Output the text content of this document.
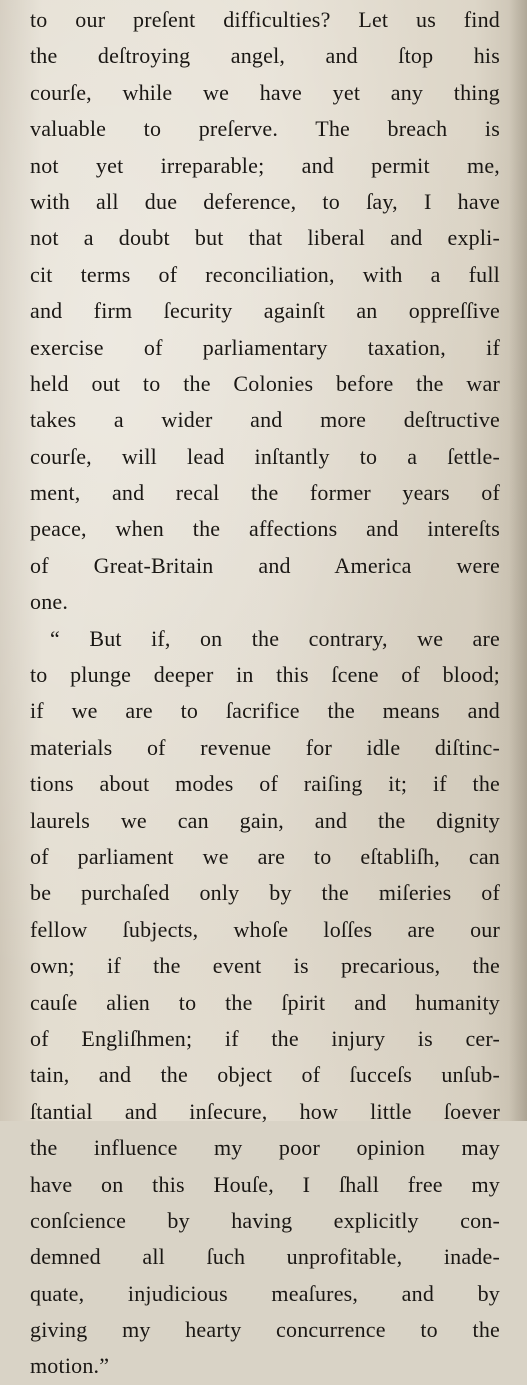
to our preſent difficulties? Let us find
the deſtroying angel, and ſtop his
courſe, while we have yet any thing
valuable to preſerve. The breach is
not yet irreparable; and permit me,
with all due deference, to ſay, I have
not a doubt but that liberal and expli-
cit terms of reconciliation, with a full
and firm ſecurity againſt an oppreſſive
exercise of parliamentary taxation, if
held out to the Colonies before the war
takes a wider and more deſtructive
courſe, will lead inſtantly to a ſettle-
ment, and recal the former years of
peace, when the affections and intereſts
of Great-Britain and America were
one.
“ But if, on the contrary, we are
to plunge deeper in this ſcene of blood;
if we are to ſacrifice the means and
materials of revenue for idle diſtinc-
tions about modes of raiſing it; if the
laurels we can gain, and the dignity
of parliament we are to eſtabliſh, can
be purchaſed only by the miſeries of
fellow ſubjects, whoſe loſſes are our
own; if the event is precarious, the
cauſe alien to the ſpirit and humanity
of Engliſhmen; if the injury is cer-
tain, and the object of ſucceſs unſub-
ſtantial and inſecure, how little ſoever
the influence my poor opinion may
have on this Houſe, I ſhall free my
conſcience by having explicitly con-
demned all ſuch unprofitable, inade-
quate, injudicious meaſures, and by
giving my hearty concurrence to the
motion.”
